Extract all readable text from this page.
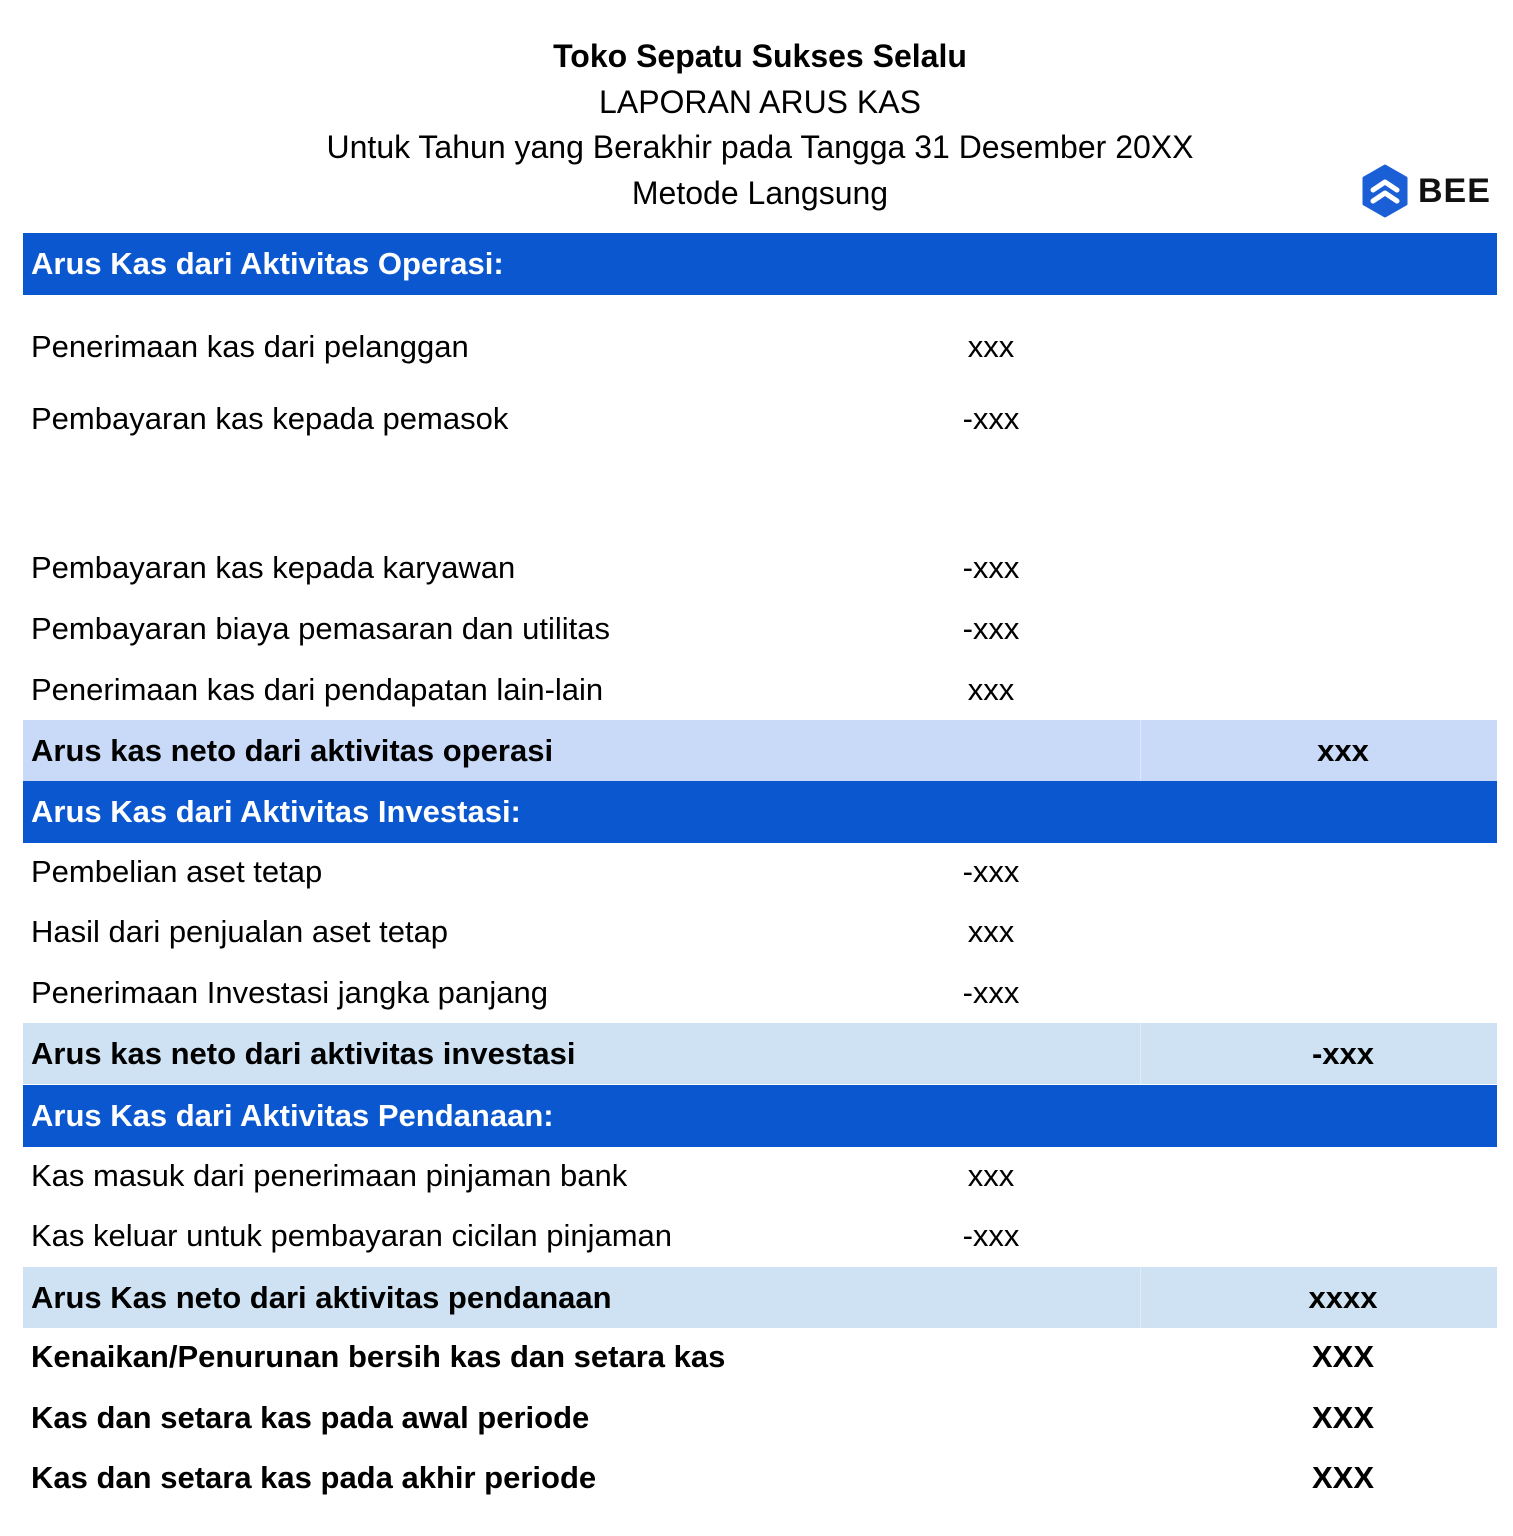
Toko Sepatu Sukses Selalu
LAPORAN ARUS KAS
Untuk Tahun yang Berakhir pada Tangga 31 Desember 20XX
Metode Langsung	BEE
Arus Kas dari Aktivitas Operasi:
Penerimaan kas dari pelanggan	xxx
Pembayaran kas kepada pemasok	-xxx
Pembayaran kas kepada karyawan	-xxx
Pembayaran biaya pemasaran dan utilitas	-xxx
Penerimaan kas dari pendapatan lain-lain	xxx
Arus kas neto dari aktivitas operasi	xxx
Arus Kas dari Aktivitas Investasi:
Pembelian aset tetap	-xxx
Hasil dari penjualan aset tetap	xxx
Penerimaan Investasi jangka panjang	-xxx
Arus kas neto dari aktivitas investasi	-xxx
Arus Kas dari Aktivitas Pendanaan:
Kas masuk dari penerimaan pinjaman bank	xxx
Kas keluar untuk pembayaran cicilan pinjaman	-xxx
Arus Kas neto dari aktivitas pendanaan	xxxx
Kenaikan/Penurunan bersih kas dan setara kas	XXX
Kas dan setara kas pada awal periode	XXX
Kas dan setara kas pada akhir periode	XXX
